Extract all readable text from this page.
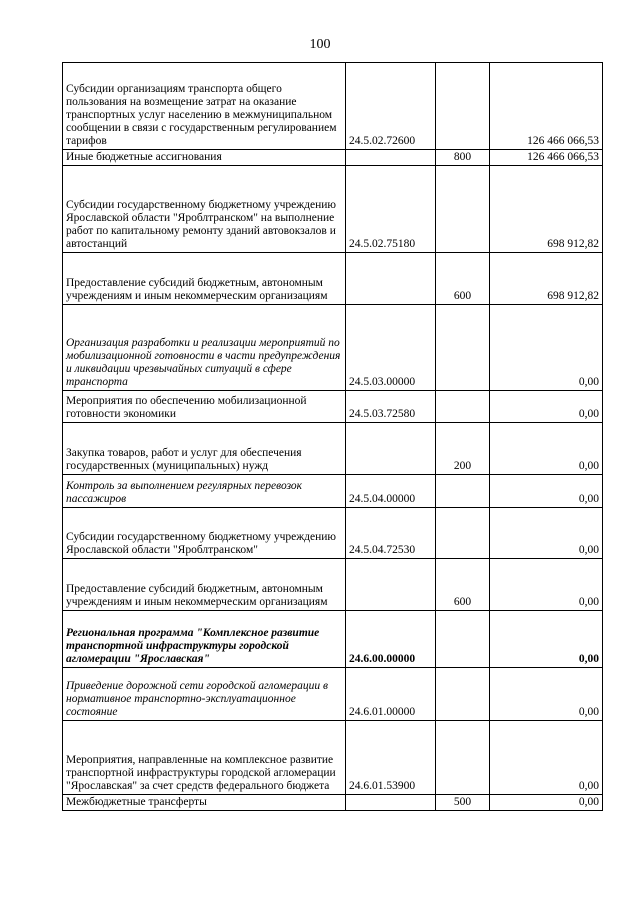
100
Субсидии организациям транспорта общего пользования на возмещение затрат на оказание транспортных услуг населению в межмуниципальном сообщении в связи с государственным регулированием тарифов	24.5.02.72600		126 466 066,53
Иные бюджетные ассигнования		800	126 466 066,53
Субсидии государственному бюджетному учреждению Ярославской области "Яроблтранском" на выполнение работ по капитальному ремонту зданий автовокзалов и автостанций	24.5.02.75180		698 912,82
Предоставление субсидий бюджетным, автономным учреждениям и иным некоммерческим организациям		600	698 912,82
Организация разработки и реализации мероприятий по мобилизационной готовности в части предупреждения и ликвидации чрезвычайных ситуаций в сфере транспорта	24.5.03.00000		0,00
Мероприятия по обеспечению мобилизационной готовности экономики	24.5.03.72580		0,00
Закупка товаров, работ и услуг для обеспечения государственных (муниципальных) нужд		200	0,00
Контроль за выполнением регулярных перевозок пассажиров	24.5.04.00000		0,00
Субсидии государственному бюджетному учреждению Ярославской области "Яроблтранском"	24.5.04.72530		0,00
Предоставление субсидий бюджетным, автономным учреждениям и иным некоммерческим организациям		600	0,00
Региональная программа "Комплексное развитие транспортной инфраструктуры городской агломерации "Ярославская"	24.6.00.00000		0,00
Приведение дорожной сети городской агломерации в нормативное транспортно-эксплуатационное состояние	24.6.01.00000		0,00
Мероприятия, направленные на комплексное развитие транспортной инфраструктуры городской агломерации "Ярославская" за счет средств федерального бюджета	24.6.01.53900		0,00
Межбюджетные трансферты		500	0,00
